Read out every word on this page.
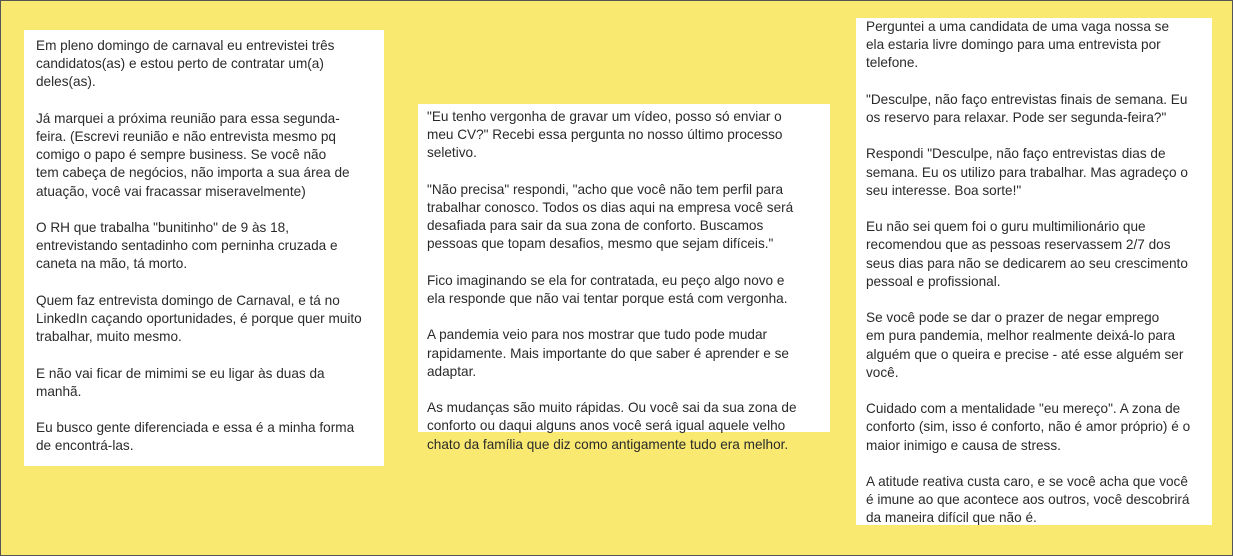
Em pleno domingo de carnaval eu entrevistei três
candidatos(as) e estou perto de contratar um(a)
deles(as).

Já marquei a próxima reunião para essa segunda-
feira. (Escrevi reunião e não entrevista mesmo pq
comigo o papo é sempre business. Se você não
tem cabeça de negócios, não importa a sua área de
atuação, você vai fracassar miseravelmente)

O RH que trabalha "bunitinho" de 9 às 18,
entrevistando sentadinho com perninha cruzada e
caneta na mão, tá morto.

Quem faz entrevista domingo de Carnaval, e tá no
LinkedIn caçando oportunidades, é porque quer muito
trabalhar, muito mesmo.

E não vai ficar de mimimi se eu ligar às duas da
manhã.

Eu busco gente diferenciada e essa é a minha forma
de encontrá-las.

"Eu tenho vergonha de gravar um vídeo, posso só enviar o
meu CV?" Recebi essa pergunta no nosso último processo
seletivo.

"Não precisa" respondi, "acho que você não tem perfil para
trabalhar conosco. Todos os dias aqui na empresa você será
desafiada para sair da sua zona de conforto. Buscamos
pessoas que topam desafios, mesmo que sejam difíceis."

Fico imaginando se ela for contratada, eu peço algo novo e
ela responde que não vai tentar porque está com vergonha.

A pandemia veio para nos mostrar que tudo pode mudar
rapidamente. Mais importante do que saber é aprender e se
adaptar.

As mudanças são muito rápidas. Ou você sai da sua zona de
conforto ou daqui alguns anos você será igual aquele velho
chato da família que diz como antigamente tudo era melhor.

Perguntei a uma candidata de uma vaga nossa se
ela estaria livre domingo para uma entrevista por
telefone.

"Desculpe, não faço entrevistas finais de semana. Eu
os reservo para relaxar. Pode ser segunda-feira?"

Respondi "Desculpe, não faço entrevistas dias de
semana. Eu os utilizo para trabalhar. Mas agradeço o
seu interesse. Boa sorte!"

Eu não sei quem foi o guru multimilionário que
recomendou que as pessoas reservassem 2/7 dos
seus dias para não se dedicarem ao seu crescimento
pessoal e profissional.

Se você pode se dar o prazer de negar emprego
em pura pandemia, melhor realmente deixá-lo para
alguém que o queira e precise - até esse alguém ser
você.

Cuidado com a mentalidade "eu mereço". A zona de
conforto (sim, isso é conforto, não é amor próprio) é o
maior inimigo e causa de stress.

A atitude reativa custa caro, e se você acha que você
é imune ao que acontece aos outros, você descobrirá
da maneira difícil que não é.
